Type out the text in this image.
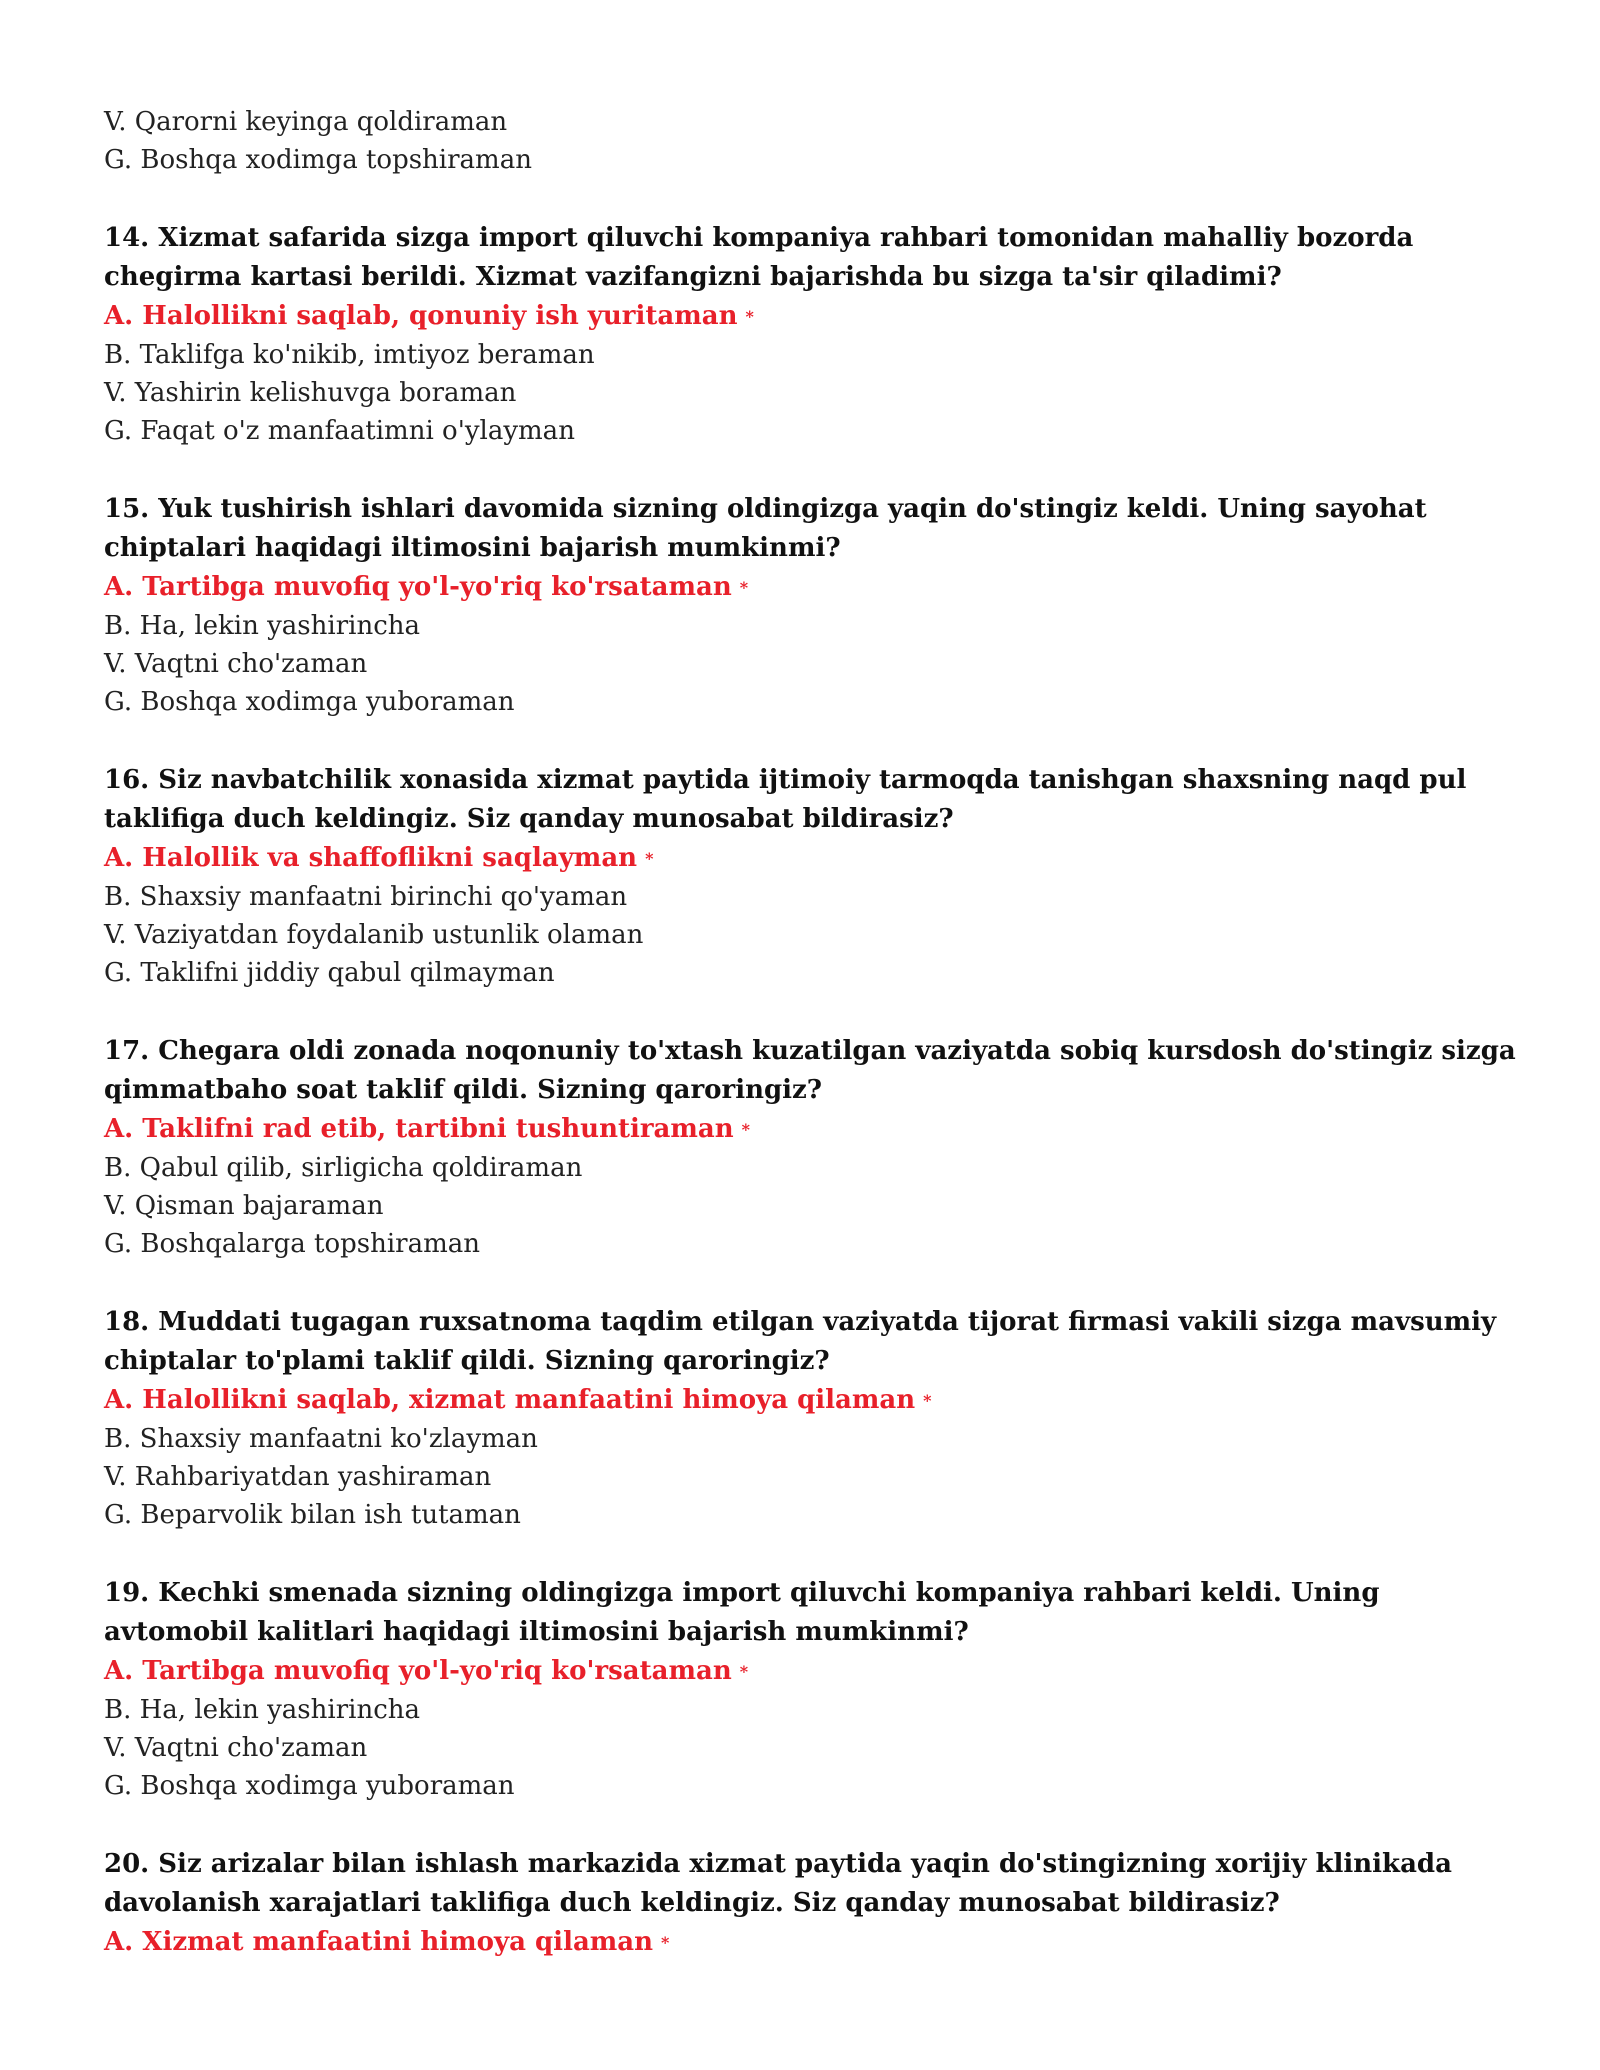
V. Qarorni keyinga qoldiraman
G. Boshqa xodimga topshiraman
14. Xizmat safarida sizga import qiluvchi kompaniya rahbari tomonidan mahalliy bozorda chegirma kartasi berildi. Xizmat vazifangizni bajarishda bu sizga ta'sir qiladimi?
A. Halollikni saqlab, qonuniy ish yuritaman *
B. Taklifga ko'nikib, imtiyoz beraman
V. Yashirin kelishuvga boraman
G. Faqat o'z manfaatimni o'ylayman
15. Yuk tushirish ishlari davomida sizning oldingizga yaqin do'stingiz keldi. Uning sayohat chiptalari haqidagi iltimosini bajarish mumkinmi?
A. Tartibga muvofiq yo'l-yo'riq ko'rsataman *
B. Ha, lekin yashirincha
V. Vaqtni cho'zaman
G. Boshqa xodimga yuboraman
16. Siz navbatchilik xonasida xizmat paytida ijtimoiy tarmoqda tanishgan shaxsning naqd pul taklifiga duch keldingiz. Siz qanday munosabat bildirasiz?
A. Halollik va shaffoflikni saqlayman *
B. Shaxsiy manfaatni birinchi qo'yaman
V. Vaziyatdan foydalanib ustunlik olaman
G. Taklifni jiddiy qabul qilmayman
17. Chegara oldi zonada noqonuniy to'xtash kuzatilgan vaziyatda sobiq kursdosh do'stingiz sizga qimmatbaho soat taklif qildi. Sizning qaroringiz?
A. Taklifni rad etib, tartibni tushuntiraman *
B. Qabul qilib, sirligicha qoldiraman
V. Qisman bajaraman
G. Boshqalarga topshiraman
18. Muddati tugagan ruxsatnoma taqdim etilgan vaziyatda tijorat firmasi vakili sizga mavsumiy chiptalar to'plami taklif qildi. Sizning qaroringiz?
A. Halollikni saqlab, xizmat manfaatini himoya qilaman *
B. Shaxsiy manfaatni ko'zlayman
V. Rahbariyatdan yashiraman
G. Beparvolik bilan ish tutaman
19. Kechki smenada sizning oldingizga import qiluvchi kompaniya rahbari keldi. Uning avtomobil kalitlari haqidagi iltimosini bajarish mumkinmi?
A. Tartibga muvofiq yo'l-yo'riq ko'rsataman *
B. Ha, lekin yashirincha
V. Vaqtni cho'zaman
G. Boshqa xodimga yuboraman
20. Siz arizalar bilan ishlash markazida xizmat paytida yaqin do'stingizning xorijiy klinikada davolanish xarajatlari taklifiga duch keldingiz. Siz qanday munosabat bildirasiz?
A. Xizmat manfaatini himoya qilaman *
